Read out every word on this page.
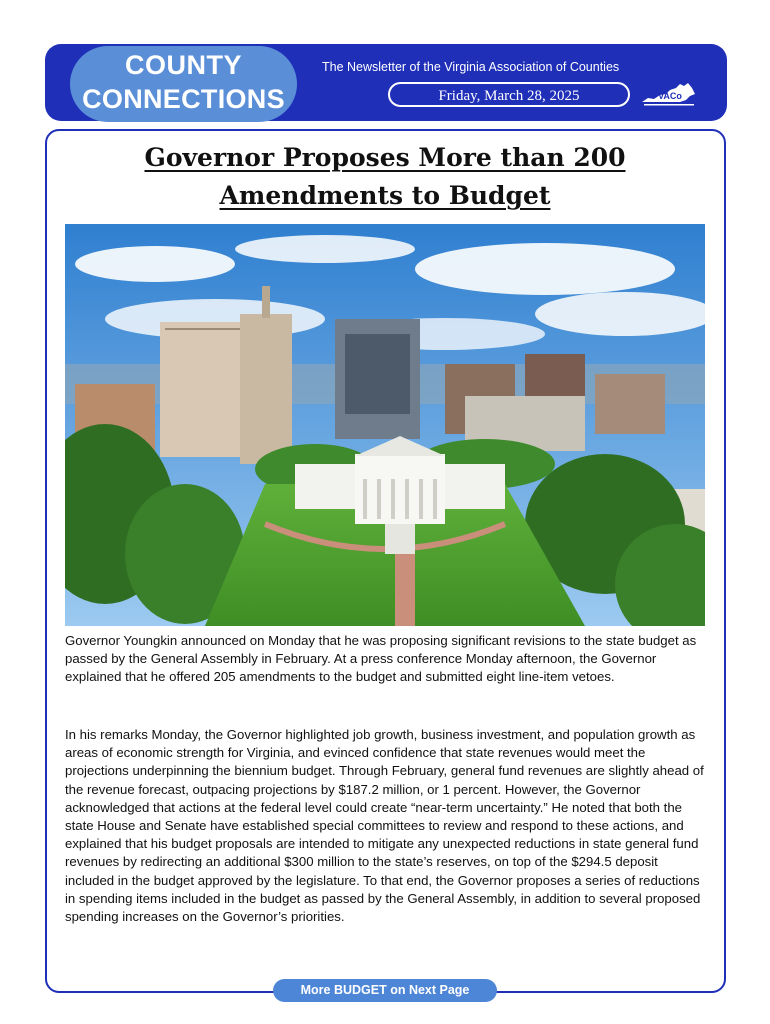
COUNTY
CONNECTIONS
The Newsletter of the Virginia Association of Counties
Friday, March 28, 2025	VACo
Governor Proposes More than 200
Amendments to Budget

Governor Youngkin announced on Monday that he was proposing significant revisions to the state budget as passed by the General Assembly in February. At a press conference Monday afternoon, the Governor explained that he offered 205 amendments to the budget and submitted eight line-item vetoes.

In his remarks Monday, the Governor highlighted job growth, business investment, and population growth as areas of economic strength for Virginia, and evinced confidence that state revenues would meet the projections underpinning the biennium budget. Through February, general fund revenues are slightly ahead of the revenue forecast, outpacing projections by $187.2 million, or 1 percent. However, the Governor acknowledged that actions at the federal level could create “near-term uncertainty.” He noted that both the state House and Senate have established special committees to review and respond to these actions, and explained that his budget proposals are intended to mitigate any unexpected reductions in state general fund revenues by redirecting an additional $300 million to the state’s reserves, on top of the $294.5 deposit included in the budget approved by the legislature. To that end, the Governor proposes a series of reductions in spending items included in the budget as passed by the General Assembly, in addition to several proposed spending increases on the Governor’s priorities.

More BUDGET on Next Page
